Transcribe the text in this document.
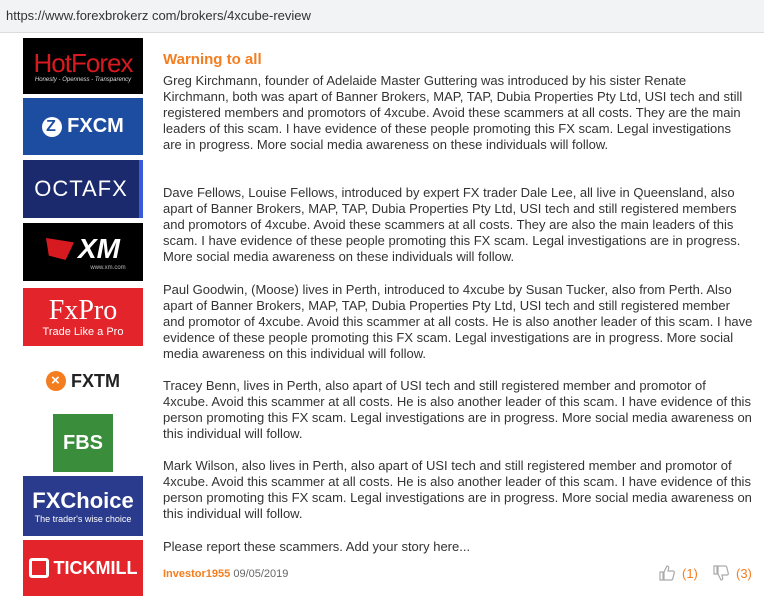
https://www.forexbrokerz com/brokers/4xcube-review
HotForex
Honesty - Openness - Transparency
Z FXCM
OCTAFX
XM
www.xm.com
FxPro
Trade Like a Pro
× FXTM
FBS
FXChoice
The trader's wise choice
TICKMILL
Warning to all

Greg Kirchmann, founder of Adelaide Master Guttering was introduced by his sister Renate Kirchmann, both was apart of Banner Brokers, MAP, TAP, Dubia Properties Pty Ltd, USI tech and still registered members and promotors of 4xcube. Avoid these scammers at all costs. They are the main leaders of this scam. I have evidence of these people promoting this FX scam. Legal investigations are in progress. More social media awareness on these individuals will follow.

Dave Fellows, Louise Fellows, introduced by expert FX trader Dale Lee, all live in Queensland, also apart of Banner Brokers, MAP, TAP, Dubia Properties Pty Ltd, USI tech and still registered members and promotors of 4xcube. Avoid these scammers at all costs. They are also the main leaders of this scam. I have evidence of these people promoting this FX scam. Legal investigations are in progress. More social media awareness on these individuals will follow.

Paul Goodwin, (Moose) lives in Perth, introduced to 4xcube by Susan Tucker, also from Perth. Also apart of Banner Brokers, MAP, TAP, Dubia Properties Pty Ltd, USI tech and still registered member and promotor of 4xcube. Avoid this scammer at all costs. He is also another leader of this scam. I have evidence of these people promoting this FX scam. Legal investigations are in progress. More social media awareness on this individual will follow.

Tracey Benn, lives in Perth, also apart of USI tech and still registered member and promotor of 4xcube. Avoid this scammer at all costs. He is also another leader of this scam. I have evidence of this person promoting this FX scam. Legal investigations are in progress. More social media awareness on this individual will follow.

Mark Wilson, also lives in Perth, also apart of USI tech and still registered member and promotor of 4xcube. Avoid this scammer at all costs. He is also another leader of this scam. I have evidence of this person promoting this FX scam. Legal investigations are in progress. More social media awareness on this individual will follow.

Please report these scammers. Add your story here...

Investor1955 09/05/2019	(1)	(3)
